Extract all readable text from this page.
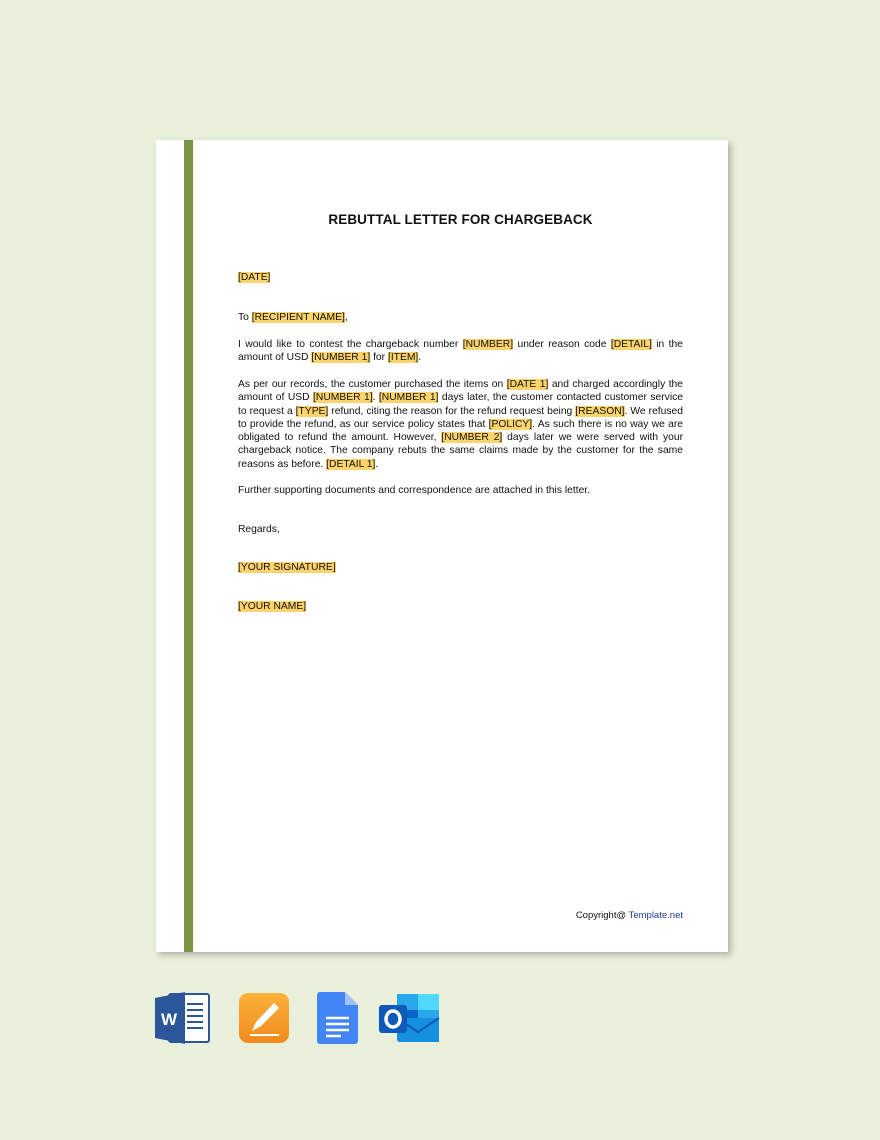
REBUTTAL LETTER FOR CHARGEBACK

[DATE]

To [RECIPIENT NAME],

I would like to contest the chargeback number [NUMBER] under reason code [DETAIL] in the amount of USD [NUMBER 1] for [ITEM].

As per our records, the customer purchased the items on [DATE 1] and charged accordingly the amount of USD [NUMBER 1]. [NUMBER 1] days later, the customer contacted customer service to request a [TYPE] refund, citing the reason for the refund request being [REASON]. We refused to provide the refund, as our service policy states that [POLICY]. As such there is no way we are obligated to refund the amount. However, [NUMBER 2] days later we were served with your chargeback notice. The company rebuts the same claims made by the customer for the same reasons as before. [DETAIL 1].

Further supporting documents and correspondence are attached in this letter.

Regards,

[YOUR SIGNATURE]

[YOUR NAME]

Copyright@ Template.net
W
